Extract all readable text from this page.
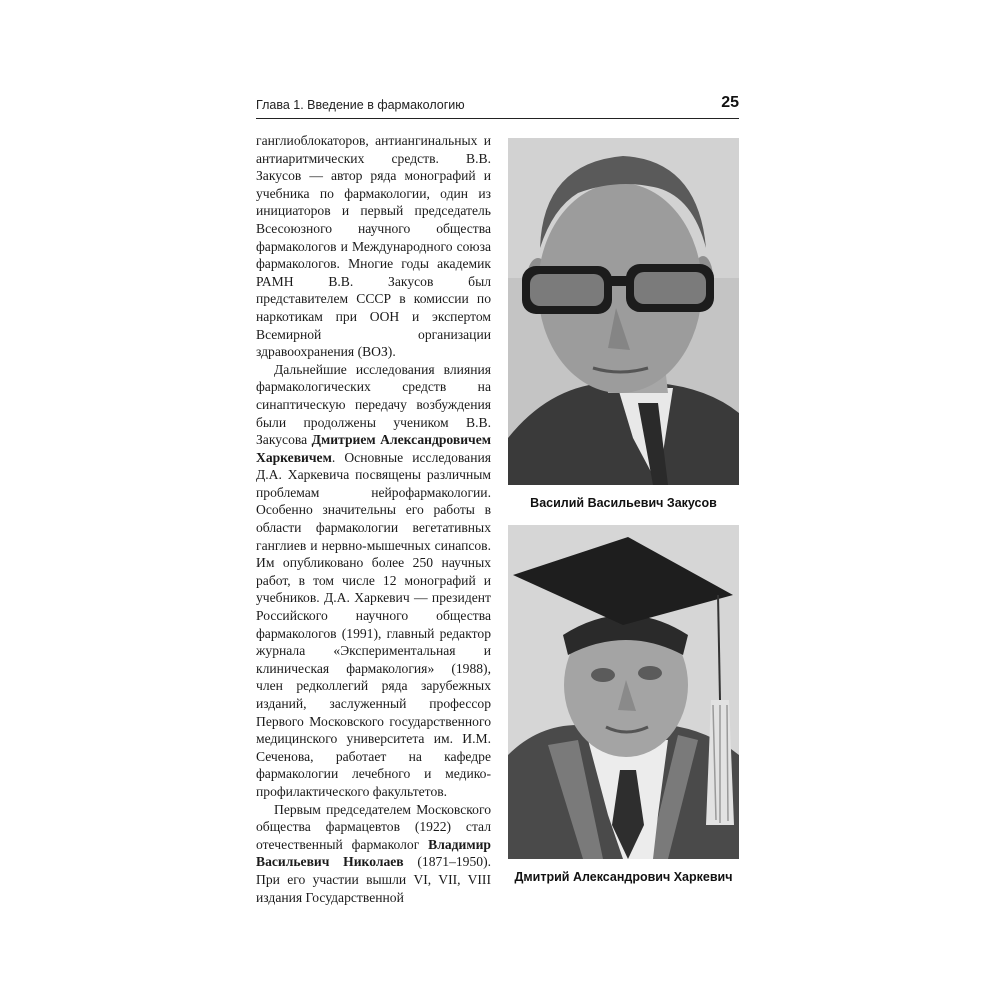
Глава 1. Введение в фармакологию	25

ганглиоблокаторов, антиангинальных и антиаритмических средств. В.В. Закусов — автор ряда монографий и учебника по фармакологии, один из инициаторов и первый председатель Всесоюзного научного общества фармакологов и Международного союза фармакологов. Многие годы академик РАМН В.В. Закусов был представителем СССР в комиссии по наркотикам при ООН и экспертом Всемирной организации здравоохранения (ВОЗ).

Дальнейшие исследования влияния фармакологических средств на синаптическую передачу возбуждения были продолжены учеником В.В. Закусова Дмитрием Александровичем Харкевичем. Основные исследования Д.А. Харкевича посвящены различным проблемам нейрофармакологии. Особенно значительны его работы в области фармакологии вегетативных ганглиев и нервно-мышечных синапсов. Им опубликовано более 250 научных работ, в том числе 12 монографий и учебников. Д.А. Харкевич — президент Российского научного общества фармакологов (1991), главный редактор журнала «Экспериментальная и клиническая фармакология» (1988), член редколлегий ряда зарубежных изданий, заслуженный профессор Первого Московского государственного медицинского университета им. И.М. Сеченова, работает на кафедре фармакологии лечебного и медико-профилактического факультетов.

Первым председателем Московского общества фармацевтов (1922) стал отечественный фармаколог Владимир Васильевич Николаев (1871–1950). При его участии вышли VI, VII, VIII издания Государственной

Василий Васильевич Закусов
Дмитрий Александрович Харкевич
